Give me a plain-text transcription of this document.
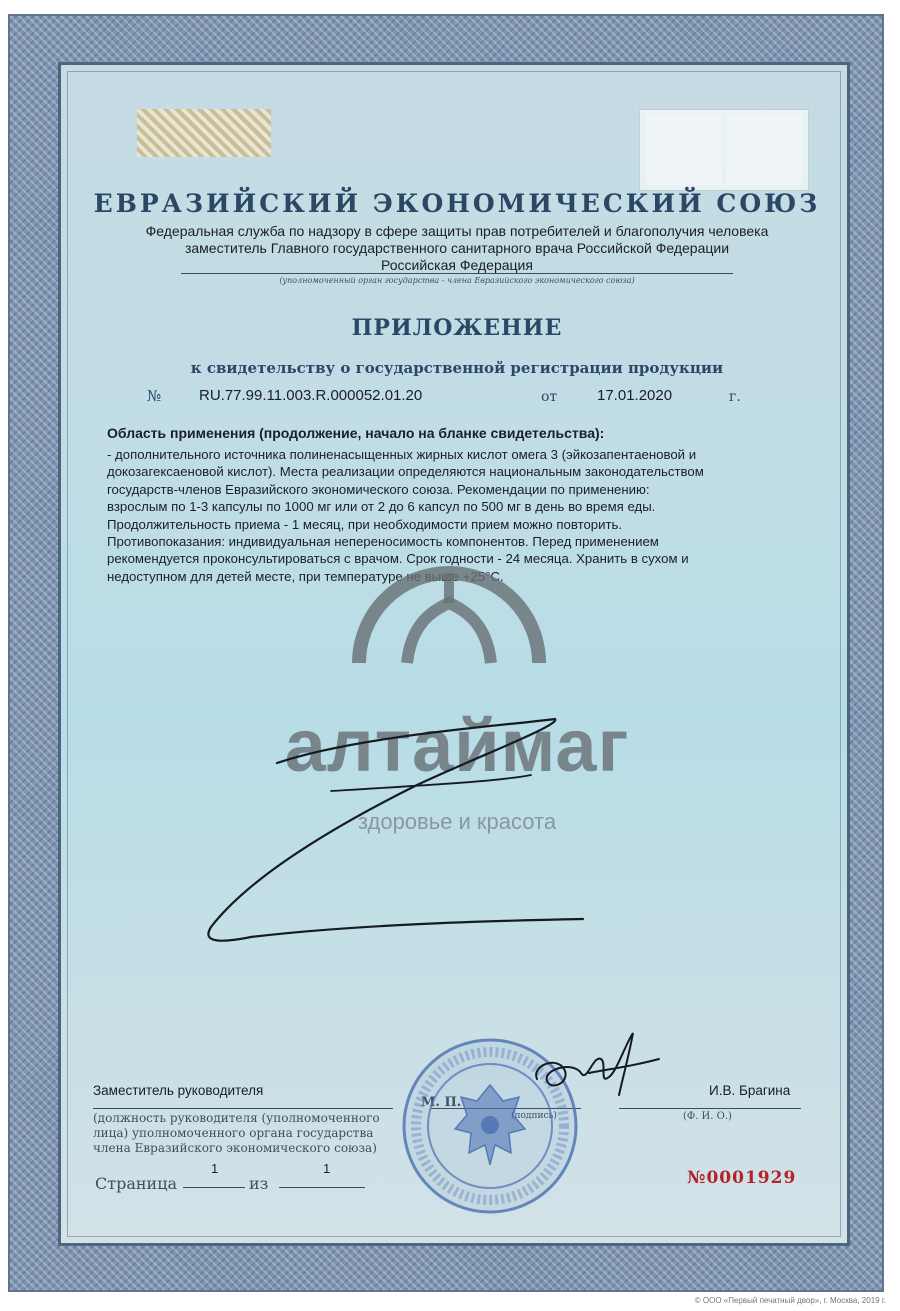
ЕВРАЗИЙСКИЙ ЭКОНОМИЧЕСКИЙ СОЮЗ
Федеральная служба по надзору в сфере защиты прав потребителей и благополучия человека
заместитель Главного государственного санитарного врача Российской Федерации
Российская Федерация
(уполномоченный орган государства - члена Евразийского экономического союза)
ПРИЛОЖЕНИЕ
к свидетельству о государственной регистрации продукции
№	RU.77.99.11.003.R.000052.01.20	от	17.01.2020	г.
Область применения (продолжение, начало на бланке свидетельства):
- дополнительного источника полиненасыщенных жирных кислот омега 3 (эйкозапентаеновой и
докозагексаеновой кислот). Места реализации определяются национальным законодательством
государств-членов Евразийского экономического союза. Рекомендации по применению:
взрослым по 1-3 капсулы по 1000 мг или от 2 до 6 капсул по 500 мг в день во время еды.
Продолжительность приема - 1 месяц, при необходимости прием можно повторить.
Противопоказания: индивидуальная непереносимость компонентов. Перед применением
рекомендуется проконсультироваться с врачом. Срок годности - 24 месяца. Хранить в сухом и
недоступном для детей месте, при температуре не выше +25°С.
алтаймаг
здоровье и красота
Заместитель руководителя	И.В. Брагина
(должность руководителя (уполномоченного
лица) уполномоченного органа государства
члена Евразийского экономического союза)
(Ф. И. О.)
Страница
1
из
1	№0001929
© ООО «Первый печатный двор», г. Москва, 2019 г.
